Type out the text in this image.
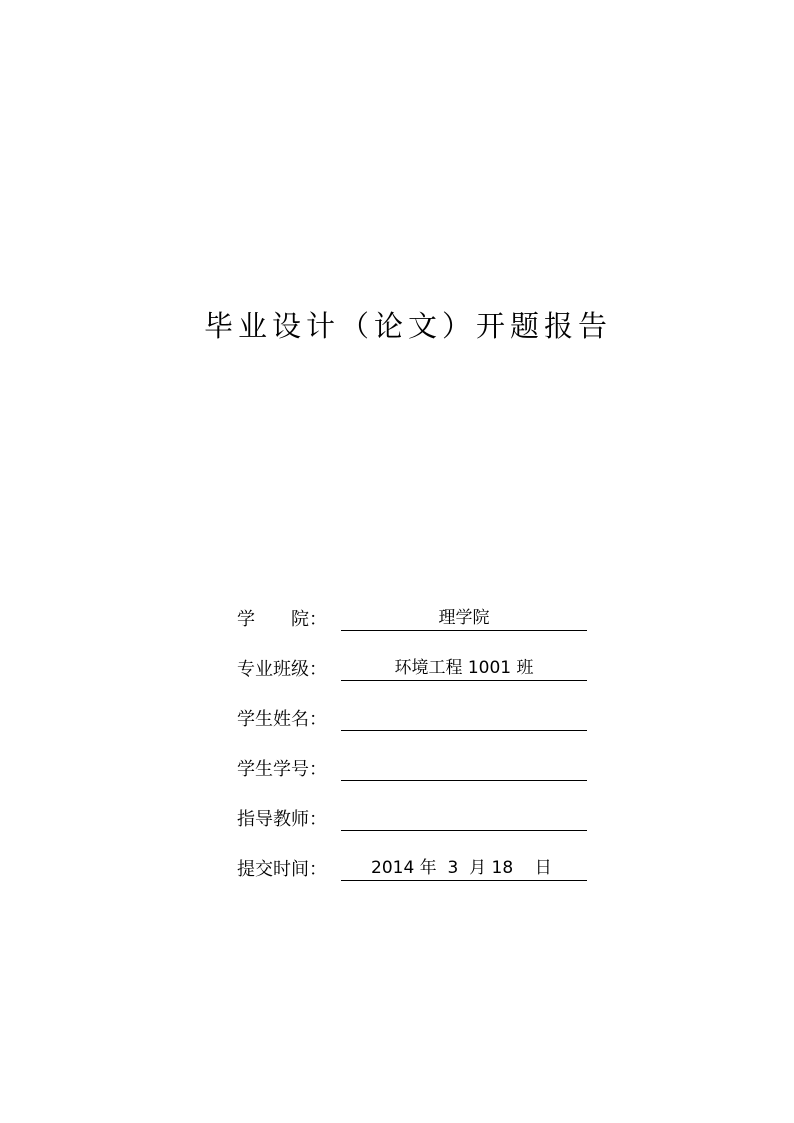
毕业设计（论文）开题报告
学　　院：	理学院
专业班级：	环境工程 1001 班
学生姓名：
学生学号：
指导教师：
提交时间：	2014 年 3 月 18 日
